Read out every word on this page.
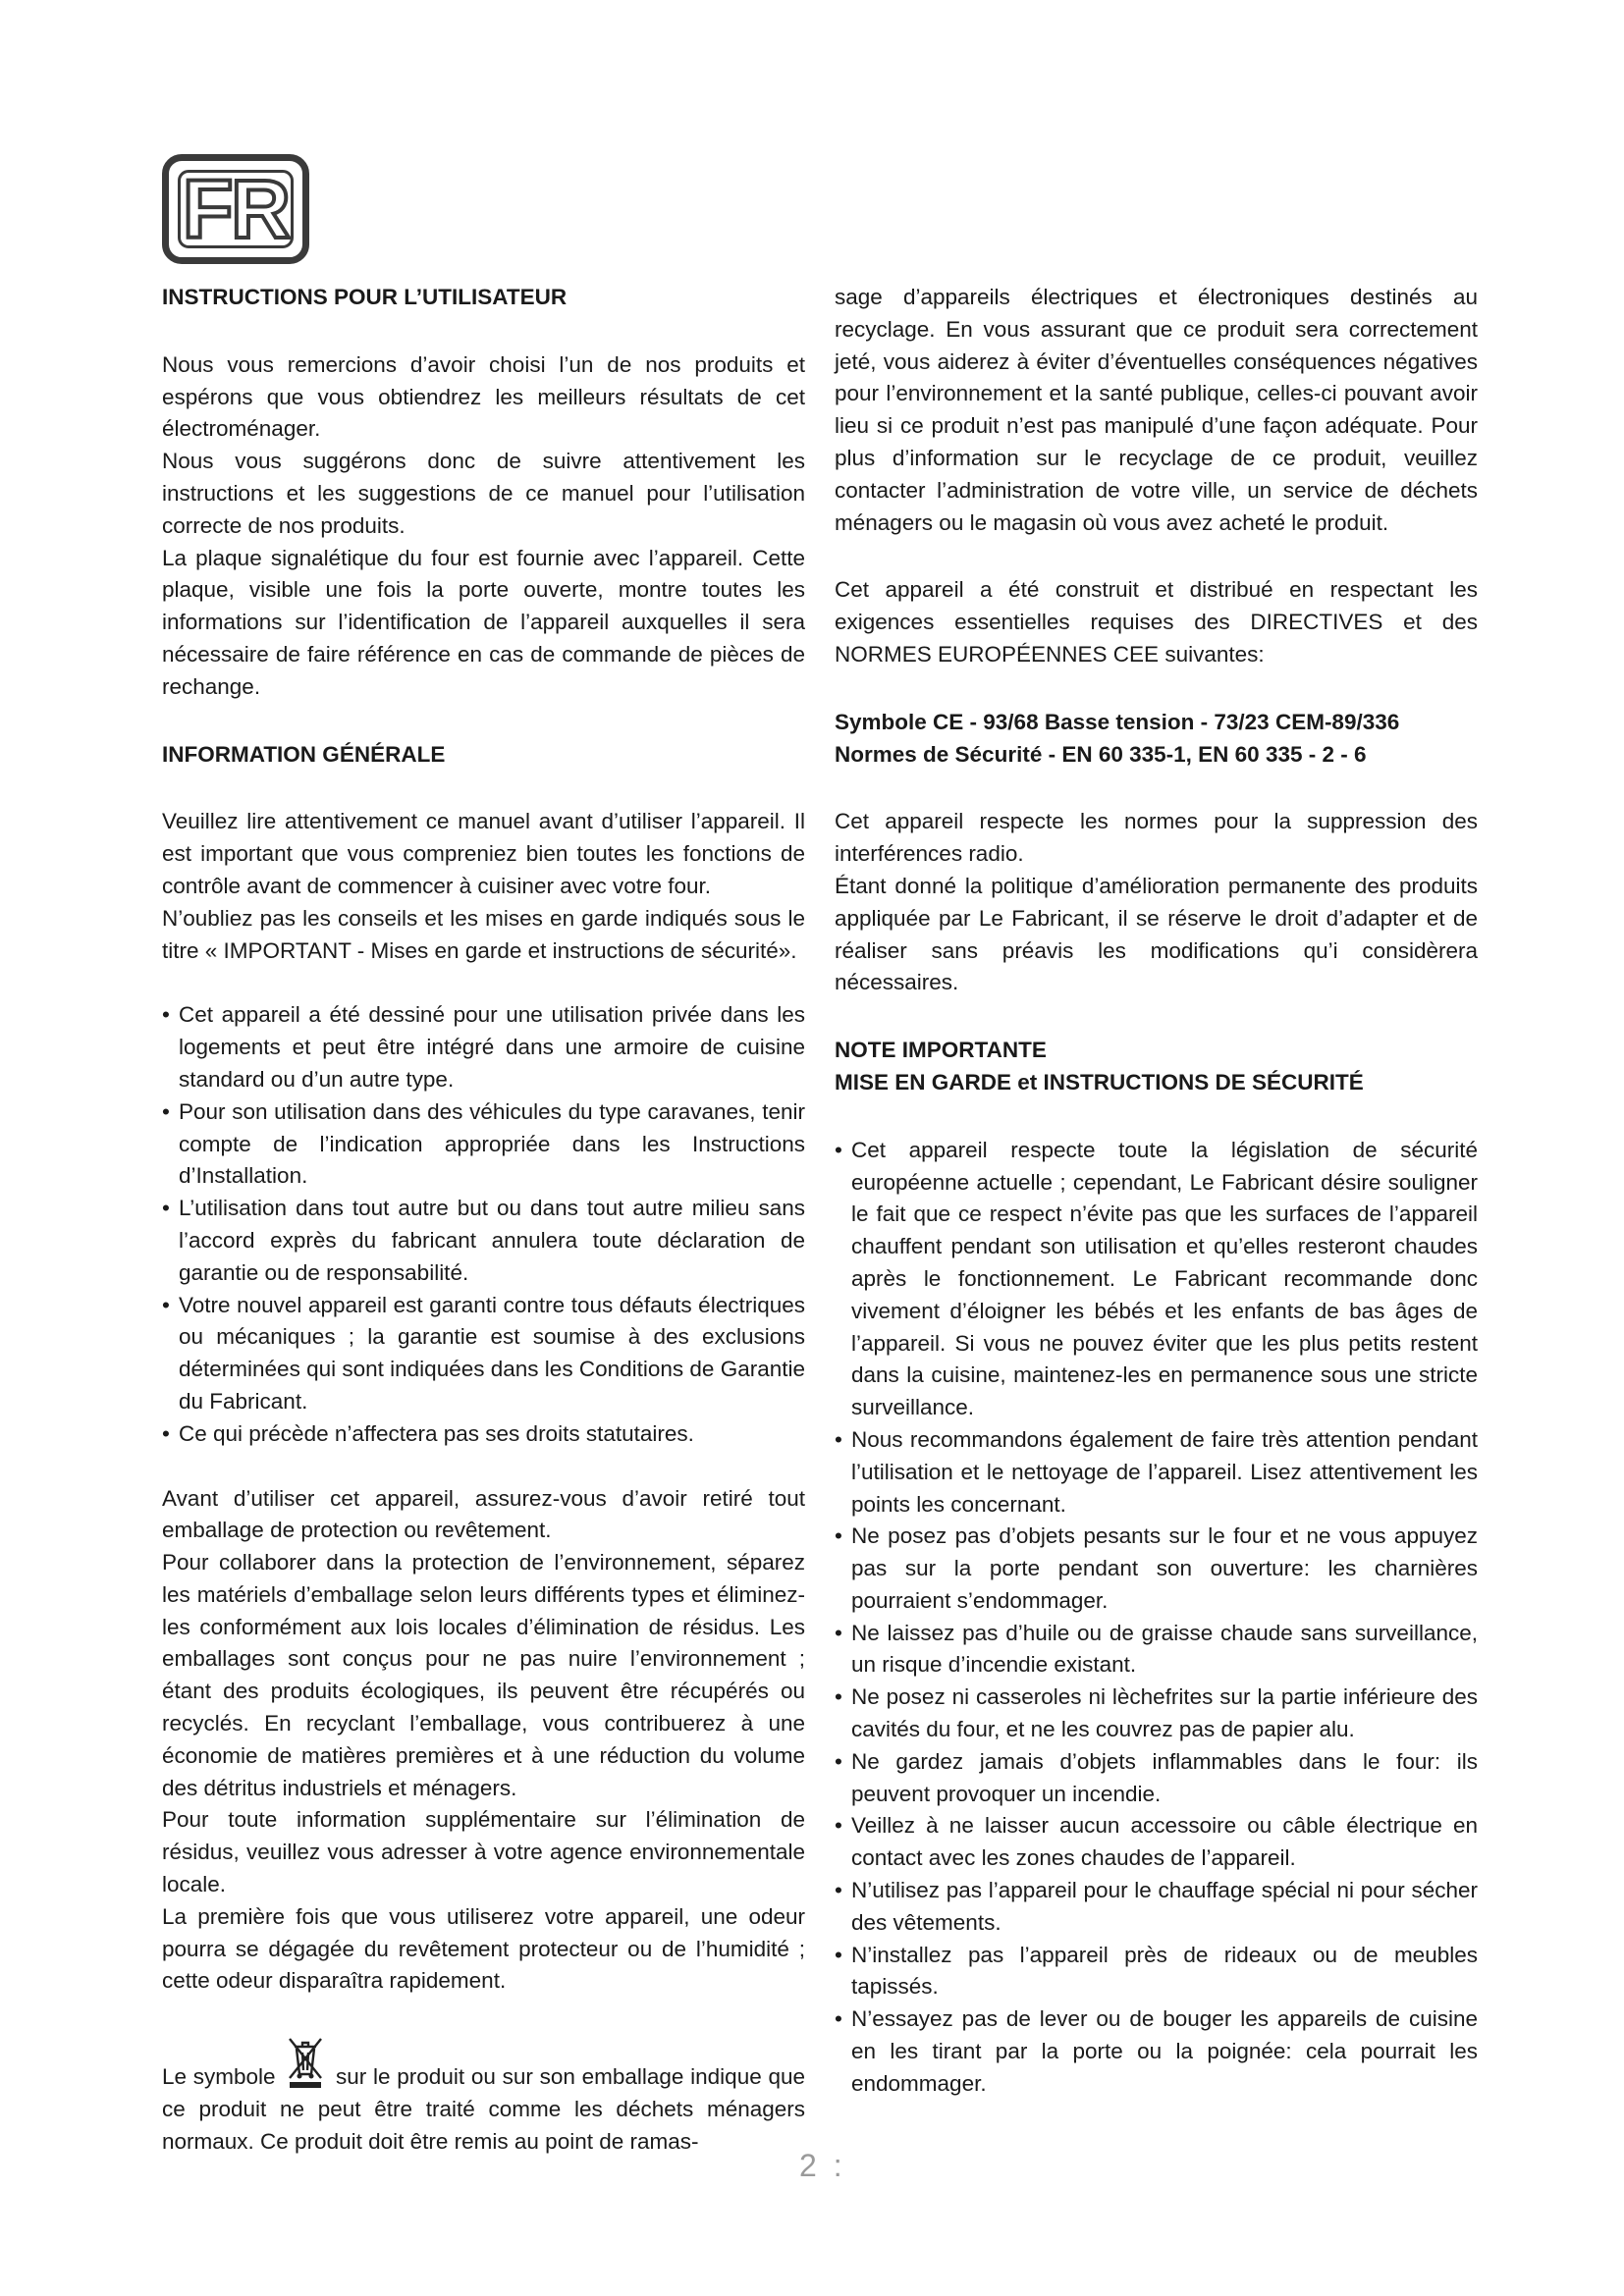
FR

INSTRUCTIONS POUR L’UTILISATEUR

Nous vous remercions d’avoir choisi l’un de nos produits et espérons que vous obtiendrez les meilleurs résultats de cet électroménager.

Nous vous suggérons donc de suivre attentivement les instructions et les suggestions de ce manuel pour l’utilisation correcte de nos produits.

La plaque signalétique du four est fournie avec l’appareil. Cette plaque, visible une fois la porte ouverte, montre toutes les informations sur l’identification de l’appareil auxquelles il sera nécessaire de faire référence en cas de commande de pièces de rechange.

INFORMATION GÉNÉRALE

Veuillez lire attentivement ce manuel avant d’utiliser l’appareil. Il est important que vous compreniez bien toutes les fonctions de contrôle avant de commencer à cuisiner avec votre four.

N’oubliez pas les conseils et les mises en garde indiqués sous le titre « IMPORTANT - Mises en garde et instructions de sécurité».

• Cet appareil a été dessiné pour une utilisation privée dans les logements et peut être intégré dans une armoire de cuisine standard ou d’un autre type.
• Pour son utilisation dans des véhicules du type caravanes, tenir compte de l’indication appropriée dans les Instructions d’Installation.
• L’utilisation dans tout autre but ou dans tout autre milieu sans l’accord exprès du fabricant annulera toute déclaration de garantie ou de responsabilité.
• Votre nouvel appareil est garanti contre tous défauts électriques ou mécaniques ; la garantie est soumise à des exclusions déterminées qui sont indiquées dans les Conditions de Garantie du Fabricant.
• Ce qui précède n’affectera pas ses droits statutaires.

Avant d’utiliser cet appareil, assurez-vous d’avoir retiré tout emballage de protection ou revêtement.

Pour collaborer dans la protection de l’environnement, séparez les matériels d’emballage selon leurs différents types et éliminez-les conformément aux lois locales d’élimination de résidus. Les emballages sont conçus pour ne pas nuire l’environnement ; étant des produits écologiques, ils peuvent être récupérés ou recyclés. En recyclant l’emballage, vous contribuerez à une économie de matières premières et à une réduction du volume des détritus industriels et ménagers.

Pour toute information supplémentaire sur l’élimination de résidus, veuillez vous adresser à votre agence environnementale locale.

La première fois que vous utiliserez votre appareil, une odeur pourra se dégagée du revêtement protecteur ou de l’humidité ; cette odeur disparaîtra rapidement.

Le symbole  sur le produit ou sur son emballage indique que ce produit ne peut être traité comme les déchets ménagers normaux. Ce produit doit être remis au point de ramas-

sage d’appareils électriques et électroniques destinés au recyclage. En vous assurant que ce produit sera correctement jeté, vous aiderez à éviter d’éventuelles conséquences négatives pour l’environnement et la santé publique, celles-ci pouvant avoir lieu si ce produit n’est pas manipulé d’une façon adéquate. Pour plus d’information sur le recyclage de ce produit, veuillez contacter l’administration de votre ville, un service de déchets ménagers ou le magasin où vous avez acheté le produit.

Cet appareil a été construit et distribué en respectant les exigences essentielles requises des DIRECTIVES et des NORMES EUROPÉENNES CEE suivantes:

Symbole CE - 93/68 Basse tension - 73/23 CEM-89/336

Normes de Sécurité - EN 60 335-1, EN 60 335 - 2 - 6

Cet appareil respecte les normes pour la suppression des interférences radio.

Étant donné la politique d’amélioration permanente des produits appliquée par Le Fabricant, il se réserve le droit d’adapter et de réaliser sans préavis les modifications qu’i considèrera nécessaires.

NOTE IMPORTANTE

MISE EN GARDE et INSTRUCTIONS DE SÉCURITÉ

• Cet appareil respecte toute la législation de sécurité européenne actuelle ; cependant, Le Fabricant désire souligner le fait que ce respect n’évite pas que les surfaces de l’appareil chauffent pendant son utilisation et qu’elles resteront chaudes après le fonctionnement. Le Fabricant recommande donc vivement d’éloigner les bébés et les enfants de bas âges de l’appareil. Si vous ne pouvez éviter que les plus petits restent dans la cuisine, maintenez-les en permanence sous une stricte surveillance.
• Nous recommandons également de faire très attention pendant l’utilisation et le nettoyage de l’appareil. Lisez attentivement les points les concernant.
• Ne posez pas d’objets pesants sur le four et ne vous appuyez pas sur la porte pendant son ouverture: les charnières pourraient s’endommager.
• Ne laissez pas d’huile ou de graisse chaude sans surveillance, un risque d’incendie existant.
• Ne posez ni casseroles ni lèchefrites sur la partie inférieure des cavités du four, et ne les couvrez pas de papier alu.
• Ne gardez jamais d’objets inflammables dans le four: ils peuvent provoquer un incendie.
• Veillez à ne laisser aucun accessoire ou câble électrique en contact avec les zones chaudes de l’appareil.
• N’utilisez pas l’appareil pour le chauffage spécial ni pour sécher des vêtements.
• N’installez pas l’appareil près de rideaux ou de meubles tapissés.
• N’essayez pas de lever ou de bouger les appareils de cuisine en les tirant par la porte ou la poignée: cela pourrait les endommager.
2 :
